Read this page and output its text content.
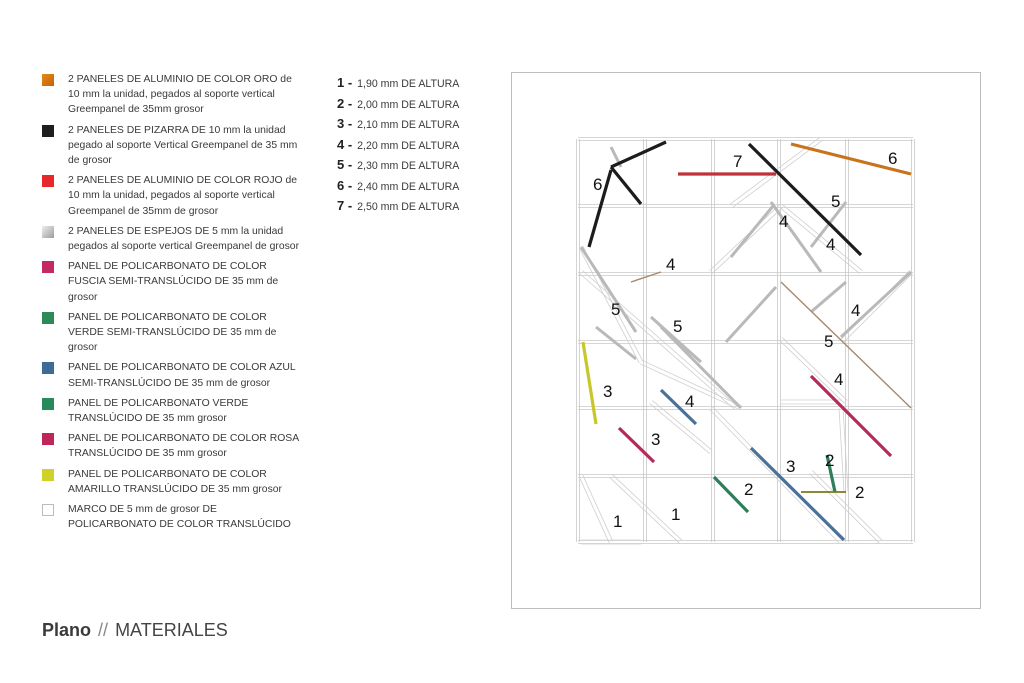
2 PANELES DE ALUMINIO DE COLOR ORO de 10 mm la unidad, pegados al soporte vertical Greempanel de 35mm grosor
2 PANELES DE PIZARRA DE 10 mm la unidad pegado al soporte Vertical Greempanel de 35 mm de grosor
2 PANELES DE ALUMINIO DE COLOR ROJO de 10 mm la unidad, pegados al soporte vertical Greempanel de 35mm de grosor
2 PANELES DE ESPEJOS DE 5 mm la unidad pegados al soporte vertical Greempanel de grosor
PANEL DE POLICARBONATO DE COLOR FUSCIA SEMI-TRANSLÚCIDO DE 35 mm de grosor
PANEL DE POLICARBONATO DE COLOR VERDE SEMI-TRANSLÚCIDO DE 35 mm de grosor
PANEL DE POLICARBONATO DE COLOR AZUL SEMI-TRANSLÚCIDO DE 35 mm de grosor
PANEL DE POLICARBONATO VERDE TRANSLÚCIDO DE 35 mm grosor
PANEL DE POLICARBONATO DE COLOR ROSA TRANSLÚCIDO DE 35 mm grosor
PANEL DE POLICARBONATO DE COLOR AMARILLO TRANSLÚCIDO DE 35 mm grosor
MARCO DE 5 mm de grosor DE POLICARBONATO DE COLOR TRANSLÚCIDO
1 - 1,90 mm DE ALTURA
2 - 2,00 mm DE ALTURA
3 - 2,10 mm DE ALTURA
4 - 2,20 mm DE ALTURA
5 - 2,30 mm DE ALTURA
6 - 2,40 mm DE ALTURA
7 - 2,50 mm DE ALTURA
Plano // MATERIALES
6
7	6
5
4
4
4
5
5
4
5
4
3
4
3
3 2
2
2
1	1
